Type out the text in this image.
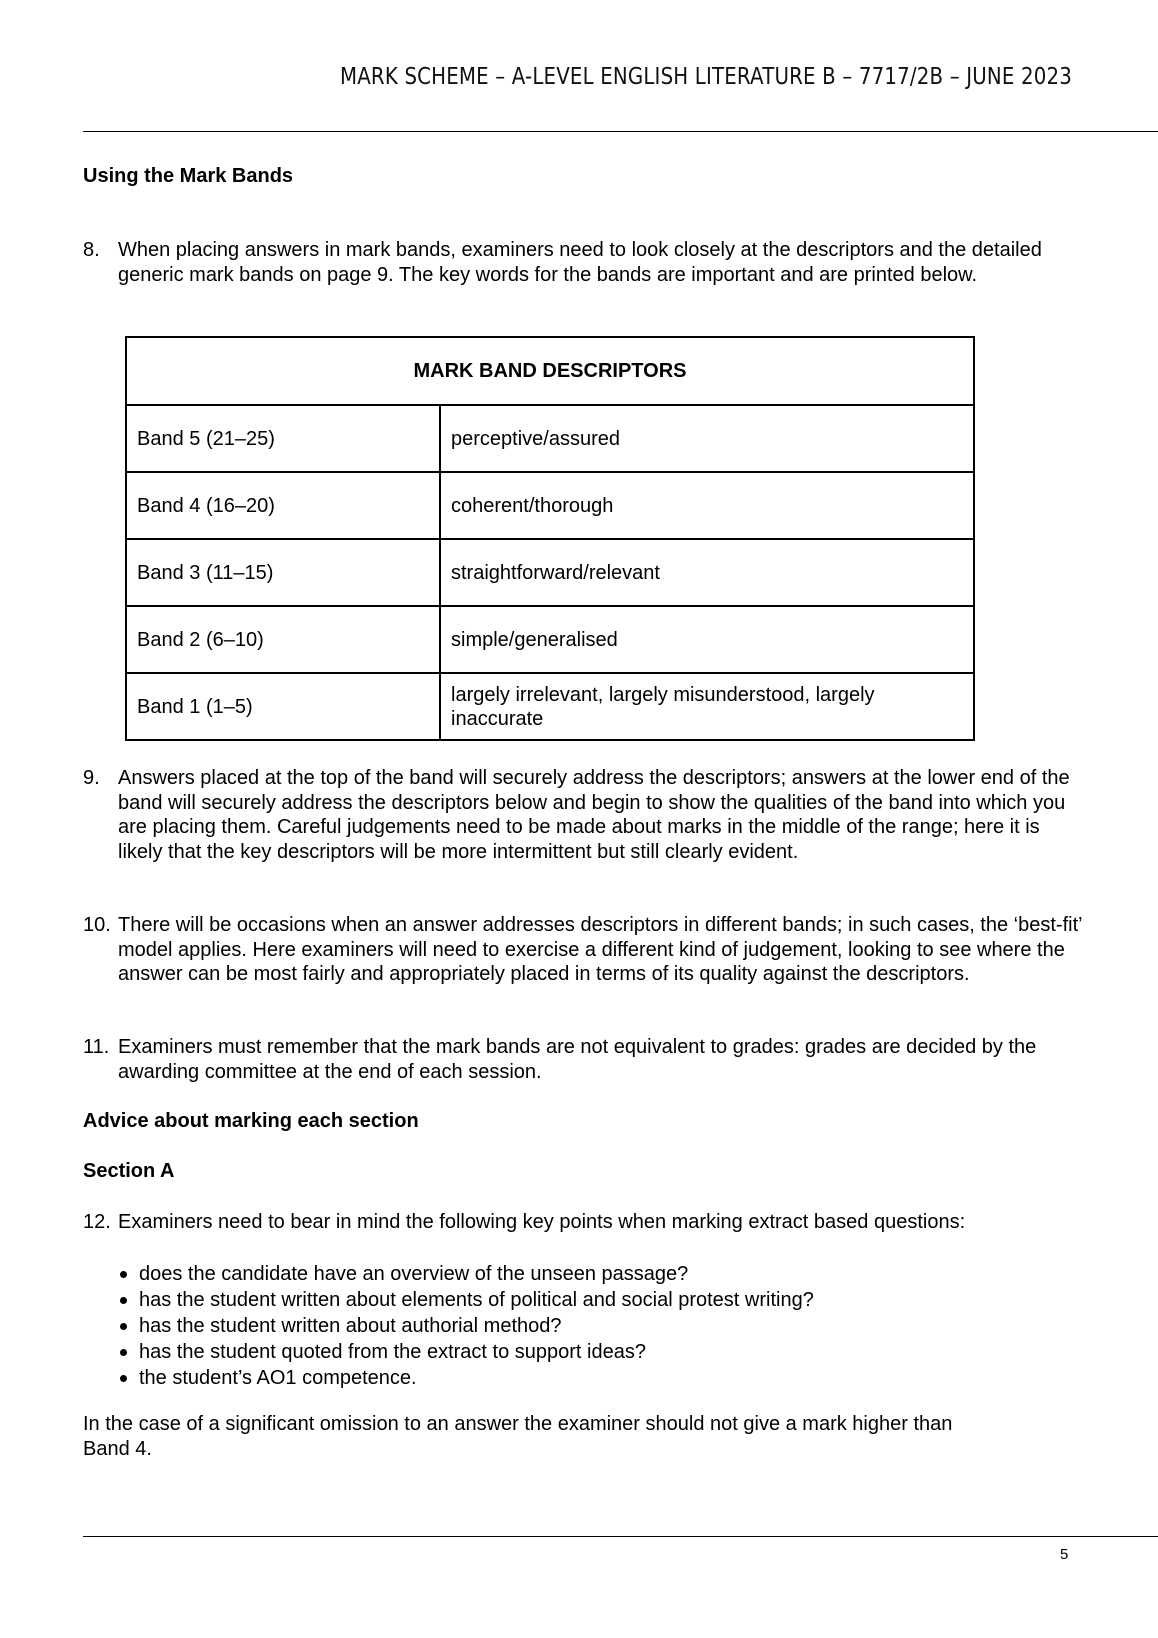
MARK SCHEME – A-LEVEL ENGLISH LITERATURE B – 7717/2B – JUNE 2023
Using the Mark Bands
8. When placing answers in mark bands, examiners need to look closely at the descriptors and the detailed generic mark bands on page 9. The key words for the bands are important and are printed below.
MARK BAND DESCRIPTORS	
Band 5 (21–25)	perceptive/assured
Band 4 (16–20)	coherent/thorough
Band 3 (11–15)	straightforward/relevant
Band 2 (6–10)	simple/generalised
Band 1 (1–5)	largely irrelevant, largely misunderstood, largely inaccurate
9. Answers placed at the top of the band will securely address the descriptors; answers at the lower end of the band will securely address the descriptors below and begin to show the qualities of the band into which you are placing them. Careful judgements need to be made about marks in the middle of the range; here it is likely that the key descriptors will be more intermittent but still clearly evident.
10. There will be occasions when an answer addresses descriptors in different bands; in such cases, the ‘best-fit’ model applies. Here examiners will need to exercise a different kind of judgement, looking to see where the answer can be most fairly and appropriately placed in terms of its quality against the descriptors.
11. Examiners must remember that the mark bands are not equivalent to grades: grades are decided by the awarding committee at the end of each session.
Advice about marking each section
Section A
12. Examiners need to bear in mind the following key points when marking extract based questions:
does the candidate have an overview of the unseen passage?
has the student written about elements of political and social protest writing?
has the student written about authorial method?
has the student quoted from the extract to support ideas?
the student’s AO1 competence.
In the case of a significant omission to an answer the examiner should not give a mark higher than Band 4.
5
